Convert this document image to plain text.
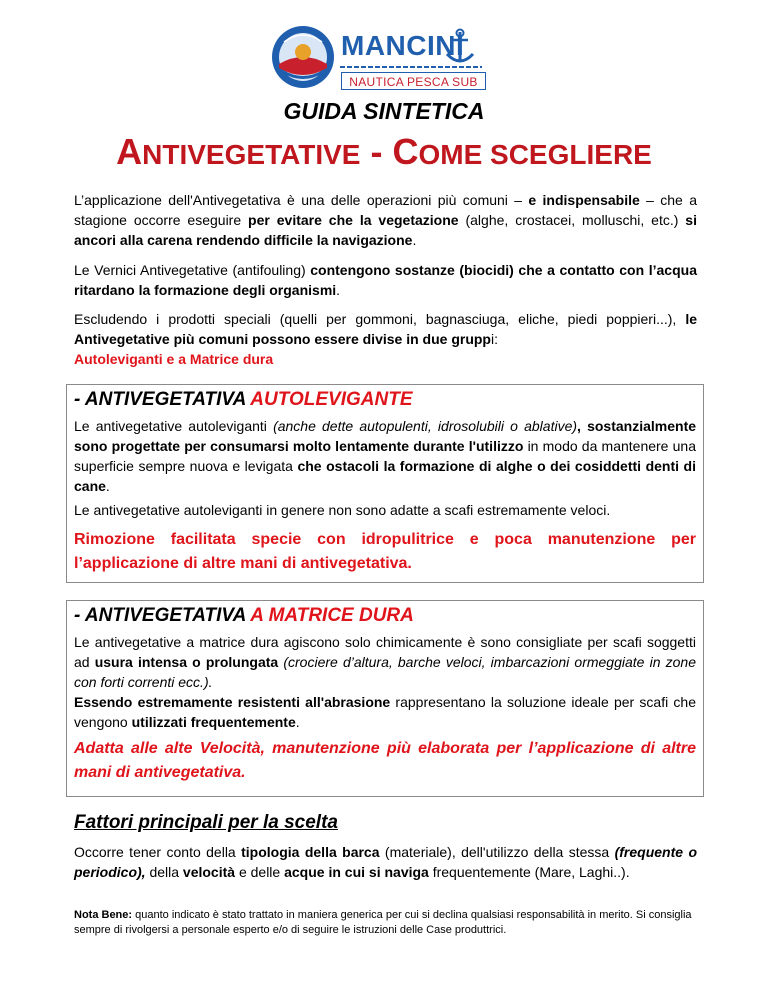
MANCINI
NAUTICA PESCA SUB
GUIDA SINTETICA
ANTIVEGETATIVE - COME SCEGLIERE

L’applicazione dell'Antivegetativa è una delle operazioni più comuni – e indispensabile – che a stagione occorre eseguire per evitare che la vegetazione (alghe, crostacei, molluschi, etc.) si ancori alla carena rendendo difficile la navigazione.

Le Vernici Antivegetative (antifouling) contengono sostanze (biocidi) che a contatto con l’acqua ritardano la formazione degli organismi.

Escludendo i prodotti speciali (quelli per gommoni, bagnasciuga, eliche, piedi poppieri...), le Antivegetative più comuni possono essere divise in due gruppi:
Autoleviganti e a Matrice dura

- ANTIVEGETATIVA AUTOLEVIGANTE

Le antivegetative autoleviganti (anche dette autopulenti, idrosolubili o ablative), sostanzialmente sono progettate per consumarsi molto lentamente durante l'utilizzo in modo da mantenere una superficie sempre nuova e levigata che ostacoli la formazione di alghe o dei cosiddetti denti di cane.

Le antivegetative autoleviganti in genere non sono adatte a scafi estremamente veloci.

Rimozione facilitata specie con idropulitrice e poca manutenzione per l’applicazione di altre mani di antivegetativa.

- ANTIVEGETATIVA A MATRICE DURA

Le antivegetative a matrice dura agiscono solo chimicamente è sono consigliate per scafi soggetti ad usura intensa o prolungata (crociere d’altura, barche veloci, imbarcazioni ormeggiate in zone con forti correnti ecc.).

Essendo estremamente resistenti all'abrasione rappresentano la soluzione ideale per scafi che vengono utilizzati frequentemente.

Adatta alle alte Velocità, manutenzione più elaborata per l’applicazione di altre mani di antivegetativa.

Fattori principali per la scelta

Occorre tener conto della tipologia della barca (materiale), dell'utilizzo della stessa (frequente o periodico), della velocità e delle acque in cui si naviga frequentemente (Mare, Laghi..).

Nota Bene: quanto indicato è stato trattato in maniera generica per cui si declina qualsiasi responsabilità in merito. Si consiglia sempre di rivolgersi a personale esperto e/o di seguire le istruzioni delle Case produttrici.
